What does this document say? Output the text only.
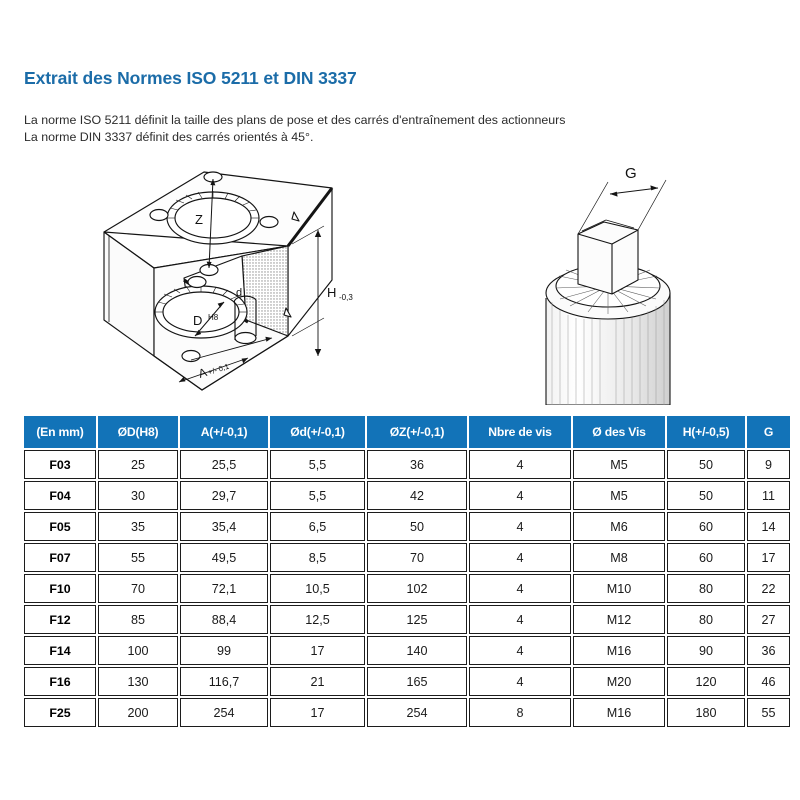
Extrait des Normes ISO 5211 et DIN 3337
La norme ISO 5211 définit la taille des plans de pose et des carrés d'entraînement des actionneurs
La norme DIN 3337 définit des carrés orientés à 45°.
Z
D H8
d
A
+/- 0,1
H -0,3
G
(En mm)	ØD(H8)	A(+/-0,1)	Ød(+/-0,1)	ØZ(+/-0,1)	Nbre de vis	Ø des Vis	H(+/-0,5)	G
F03	25	25,5	5,5	36	4	M5	50	9
F04	30	29,7	5,5	42	4	M5	50	11
F05	35	35,4	6,5	50	4	M6	60	14
F07	55	49,5	8,5	70	4	M8	60	17
F10	70	72,1	10,5	102	4	M10	80	22
F12	85	88,4	12,5	125	4	M12	80	27
F14	100	99	17	140	4	M16	90	36
F16	130	116,7	21	165	4	M20	120	46
F25	200	254	17	254	8	M16	180	55
